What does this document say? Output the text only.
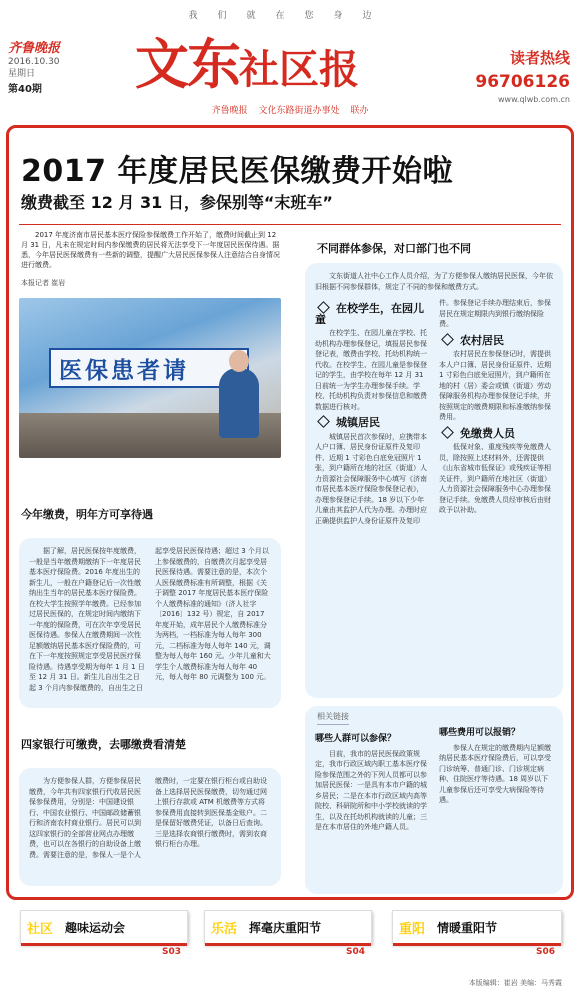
我们就在您身边
齐鲁晚报
2016.10.30
星期日
第40期	文东社区报	读者热线
96706126
www.qlwb.com.cn
齐鲁晚报 文化东路街道办事处 联办
2017 年度居民医保缴费开始啦
缴费截至 12 月 31 日，参保别等“末班车”
2017 年度济南市居民基本医疗保险参保缴费工作开始了，缴费时间截止到 12 月 31 日，凡未在规定时间内参保缴费的居民将无法享受下一年度居民医保待遇。据悉，今年居民医保缴费有一些新的调整，提醒广大居民医保参保人注意结合自身情况进行缴费。
本报记者 崔岩
医保患者请
今年缴费，明年方可享待遇

据了解，居民医保按年度缴费，一般是当年缴费期缴纳下一年度居民基本医疗保险费。2016 年度出生的新生儿，一般在户籍登记后一次性缴纳出生当年的居民基本医疗保险费。在校大学生按照学年缴费。已经参加过居民医保的，在规定时间内缴纳下一年度的保险费，可在次年享受居民医保待遇。参保人在缴费期间一次性足额缴纳居民基本医疗保险费的，可在下一年度按照规定享受居民医疗保险待遇。待遇享受期为每年 1 月 1 日至 12 月 31 日。新生儿自出生之日起 3 个月内参保缴费的，自出生之日起享受居民医保待遇；超过 3 个月以上参保缴费的，自缴费次月起享受居民医保待遇。需要注意的是，本次个人医保缴费标准有所调整，根据《关于调整 2017 年度居民基本医疗保险个人缴费标准的通知》（济人社字〔2016〕132 号）规定，自 2017 年度开始，成年居民个人缴费标准分为两档，一档标准为每人每年 300 元，二档标准为每人每年 140 元，调整为每人每年 160 元。少年儿童和大学生个人缴费标准为每人每年 40 元，每人每年 80 元调整为 100 元。

四家银行可缴费，去哪缴费看清楚

为方便参保人群，方便参保居民缴费，今年共有四家银行代收居民医保参保费用，分别是：中国建设银行、中国农业银行、中国邮政储蓄银行和济南农村商业银行。居民可以到这四家银行的全部营业网点办理缴费，也可以在各银行的自助设备上缴费。需要注意的是，参保人一是个人缴费时，一定要在银行柜台或自助设备上选择居民医保缴费，切勿通过网上银行存款或 ATM 机缴费等方式将参保费用直接转到医保基金账户。二是保留好缴费凭证，以备日后查询。三是选择农商银行缴费时，需到农商银行柜台办理。

不同群体参保，对口部门也不同

文东街道人社中心工作人员介绍，为了方便参保人缴纳居民医保，今年依旧根据不同参保群体，规定了不同的参保和缴费方式。

在校学生，在园儿童

在校学生、在园儿童在学校、托幼机构办理参保登记，填报居民参保登记表，缴费由学校、托幼机构统一代收。在校学生、在园儿童是参保登记的学生，由学校在每年 12 月 31 日前统一为学生办理参保手续。学校、托幼机构负责对参保信息和缴费数据进行核对。

城镇居民

城镇居民首次参保时，应携带本人户口簿、居民身份证原件及复印件、近期 1 寸彩色白底免冠照片 1 张，到户籍所在地的社区（街道）人力资源社会保障服务中心填写《济南市居民基本医疗保险参保登记表》，办理参保登记手续。18 岁以下少年儿童由其监护人代为办理。办理时应正确提供监护人身份证原件及复印件。参保登记手续办理结束后，参保居民在规定期限内到银行缴纳保险费。

农村居民

农村居民在参保登记时，需提供本人户口簿、居民身份证原件、近期 1 寸彩色白底免冠照片，到户籍所在地的村（居）委会或镇（街道）劳动保障服务机构办理参保登记手续，并按照规定的缴费期限和标准缴纳参保费用。

免缴费人员

低保对象、重度残疾等免缴费人员，除按照上述材料外，还需提供《山东省城市低保证》或残疾证等相关证件，到户籍所在地社区（街道）人力资源社会保障服务中心办理参保登记手续。免缴费人员经审核后由财政予以补助。

相关链接
哪些人群可以参保？

目前，我市的居民医保政策规定，我市行政区域内职工基本医疗保险参保范围之外的下列人员都可以参加居民医保：一是具有本市户籍的城乡居民；二是在本市行政区域内高等院校、科研院所和中小学校就读的学生，以及在托幼机构就读的儿童；三是在本市居住的外地户籍人员。

哪些费用可以报销？

参保人在规定的缴费期内足额缴纳居民基本医疗保险费后，可以享受门诊统筹、普通门诊、门诊规定病种、住院医疗等待遇。18 周岁以下儿童参保后还可享受大病保险等待遇。

社区	趣味运动会
S03
乐活	挥毫庆重阳节
S04
重阳	情暖重阳节
S06
本版编辑：崔岩 美编：马秀霞
